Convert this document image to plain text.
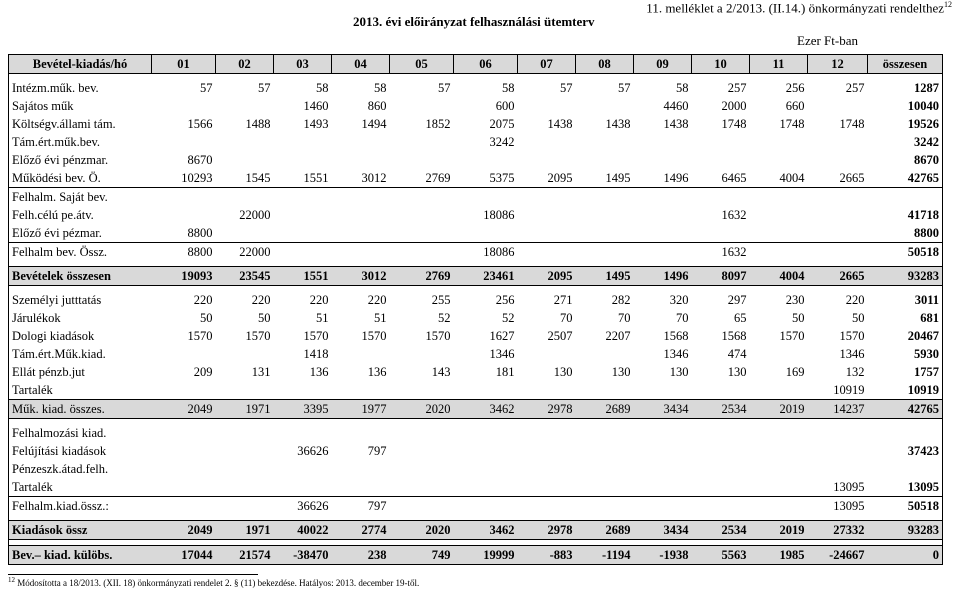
11. melléklet a 2/2013. (II.14.) önkormányzati rendelthez$^{12}$
2013. évi előirányzat felhasználási ütemterv
Ezer Ft-ban
Bevétel-kiadás/hó	01	02	03	04	05	06	07	08	09	10	11	12	összesen

Intézm.műk. bev.	57	57	58	58	57	58	57	57	58	257	256	257	1287
Sajátos műk			1460	860		600			4460	2000	660		10040
Költségv.állami tám.	1566	1488	1493	1494	1852	2075	1438	1438	1438	1748	1748	1748	19526
Tám.ért.műk.bev.						3242							3242
Előző évi pénzmar.	8670												8670
Működési bev. Ö.	10293	1545	1551	3012	2769	5375	2095	1495	1496	6465	4004	2665	42765
Felhalm. Saját bev.													
Felh.célú pe.átv.		22000				18086				1632			41718
Előző évi pézmar.	8800												8800
Felhalm bev. Össz.	8800	22000				18086				1632			50518

Bevételek összesen	19093	23545	1551	3012	2769	23461	2095	1495	1496	8097	4004	2665	93283

Személyi jutttatás	220	220	220	220	255	256	271	282	320	297	230	220	3011
Járulékok	50	50	51	51	52	52	70	70	70	65	50	50	681
Dologi kiadások	1570	1570	1570	1570	1570	1627	2507	2207	1568	1568	1570	1570	20467
Tám.ért.Műk.kiad.			1418			1346			1346	474		1346	5930
Ellát pénzb.jut	209	131	136	136	143	181	130	130	130	130	169	132	1757
Tartalék												10919	10919
Műk. kiad. összes.	2049	1971	3395	1977	2020	3462	2978	2689	3434	2534	2019	14237	42765

Felhalmozási kiad.													
Felújítási kiadások			36626	797									37423
Pénzeszk.átad.felh.													
Tartalék												13095	13095
Felhalm.kiad.össz.:			36626	797								13095	50518

Kiadások össz	2049	1971	40022	2774	2020	3462	2978	2689	3434	2534	2019	27332	93283

Bev.– kiad. külöbs.	17044	21574	-38470	238	749	19999	-883	-1194	-1938	5563	1985	-24667	0
$^{12}$ Módosította a 18/2013. (XII. 18) önkormányzati rendelet 2. § (11) bekezdése. Hatályos: 2013. december 19-től.
